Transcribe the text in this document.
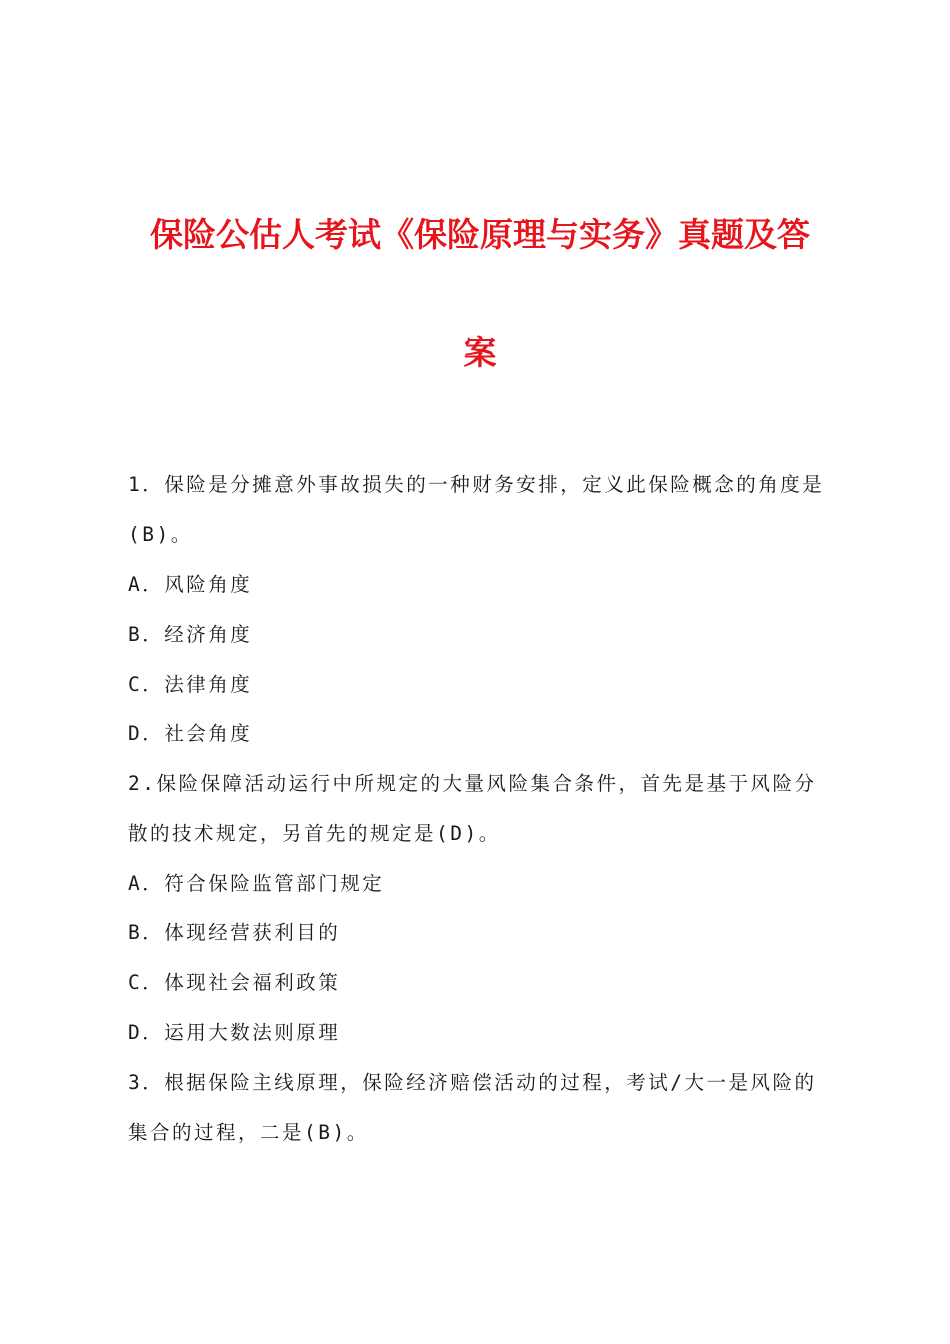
保险公估人考试《保险原理与实务》真题及答
案

1．保险是分摊意外事故损失的一种财务安排，定义此保险概念的角度是

(B)。

A．风险角度

B．经济角度

C．法律角度

D．社会角度

2.保险保障活动运行中所规定的大量风险集合条件，首先是基于风险分

散的技术规定，另首先的规定是(D)。

A．符合保险监管部门规定

B．体现经营获利目的

C．体现社会福利政策

D．运用大数法则原理

3．根据保险主线原理，保险经济赔偿活动的过程，考试/大一是风险的

集合的过程，二是(B)。
